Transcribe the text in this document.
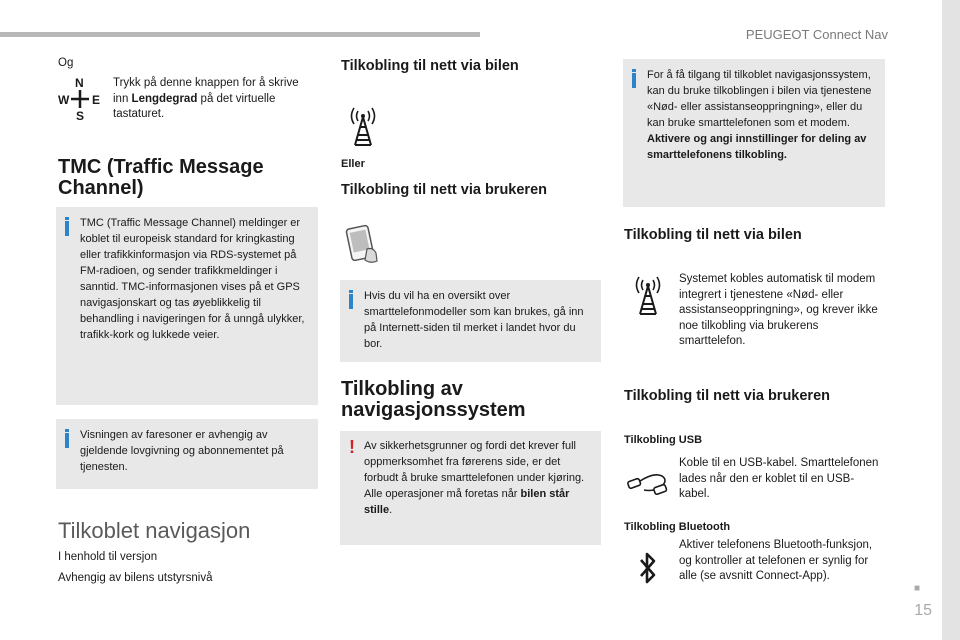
PEUGEOT Connect Nav
■
15
Og
N
W E
S
Trykk på denne knappen for å skrive inn Lengdegrad på det virtuelle tastaturet.
TMC (Traffic Message Channel)
TMC (Traffic Message Channel) meldinger er koblet til europeisk standard for kringkasting eller trafikkinformasjon via RDS-systemet på FM-radioen, og sender trafikkmeldinger i sanntid. TMC-informasjonen vises på et GPS navigasjonskart og tas øyeblikkelig til behandling i navigeringen for å unngå ulykker, trafikk-kork og lukkede veier.
Visningen av faresoner er avhengig av gjeldende lovgivning og abonnementet på tjenesten.
Tilkoblet navigasjon
I henhold til versjon
Avhengig av bilens utstyrsnivå
Tilkobling til nett via bilen
Eller
Tilkobling til nett via brukeren
Hvis du vil ha en oversikt over smarttelefonmodeller som kan brukes, gå inn på Internett-siden til merket i landet hvor du bor.
Tilkobling av navigasjonssystem
! Av sikkerhetsgrunner og fordi det krever full oppmerksomhet fra førerens side, er det forbudt å bruke smarttelefonen under kjøring.
Alle operasjoner må foretas når bilen står stille.
For å få tilgang til tilkoblet navigasjonssystem, kan du bruke tilkoblingen i bilen via tjenestene «Nød- eller assistanseoppringning», eller du kan bruke smarttelefonen som et modem.
Aktivere og angi innstillinger for deling av smarttelefonens tilkobling.
Tilkobling til nett via bilen
Systemet kobles automatisk til modem integrert i tjenestene «Nød- eller assistanseoppringning», og krever ikke noe tilkobling via brukerens smarttelefon.
Tilkobling til nett via brukeren
Tilkobling USB
Koble til en USB-kabel. Smarttelefonen lades når den er koblet til en USB-kabel.
Tilkobling Bluetooth
Aktiver telefonens Bluetooth-funksjon, og kontroller at telefonen er synlig for alle (se avsnitt Connect-App).
